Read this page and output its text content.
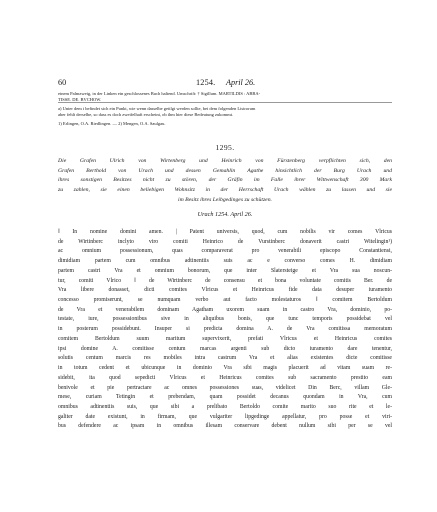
60	1254. April 26.
einem Palmzweig, in der Linken ein geschlossenes Buch haltend. Umschrift: † Sigillum. MARTILDIS : ABBA-
TISSE. DE. BVCHOW.
a) Unter dem i befindet sich ein Punkt, wie wenn dasselbe getilgt werden sollte, bei dem folgenden Listrorum
aber fehlt derselbe, so dass es doch zweifelhaft erscheint, ob ihm hier diese Bedeutung zukommt.
1) Erlingen, O.A. Riedlingen. — 2) Mengen, O.A. Saulgau.
1295.
Die Grafen Ulrich von Wirtenberg und Heinrich von Fürstenberg verpflichten sich, den
Grafen Berthold von Urach und dessen Gemahlin Agathe hinsichtlich der Burg Urach und
ihres sonstigen Besitzes nicht zu stören, der Gräfin im Falle ihrer Wittwenschaft 300 Mark
zu zahlen, sie einen beliebigen Wohnsitz in der Herrschaft Urach wählen zu lassen und sie
im Besitz ihres Leibgedinges zu schützen.
Urach 1254. April 26.
‖ In nomine domini amen. | Patent universis, quod, cum nobilis vir comes Vlricus
de Wirtinberc inclyto viro comiti Heinrico de Vurstinberc donaverit castri Witelingin¹)
ac omnium possessionum, quas comparaverat pro venerabili episcopo Constantiensi,
dimidiam partem cum omnibus adtinentiis suis ac e converso comes H. dimidiam
partem castri Vra et omnium bonorum, que inter Slatersteige et Vra sua noscun-
tur, comiti Vlrico ‖ de Wirtinberc de consensu et bona voluntate comitis Ber. de
Vra libere donasset, dicti comites Vlricus et Heinricus fide data desuper iuramento
concesso promiserunt, se numquam verbo aut facto molestaturos ‖ comitem Bertoldum
de Vra et venerabilem dominam Agatham uxorem suam in castro Vra, dominio, po-
testate, iure, possessionibus sive in aliquibus bonis, que tunc temporis possidebat vel
in posterum possidebunt. Insuper si predicta domina A. de Vra comitissa memoratum
comitem Bertoldum suum maritum supervixerit, prefati Vlricus et Heinricus comites
ipsi domine A. comitisse centum marcas argenti sub dicto iuramento dare tenentur,
solutis centum marcis res mobiles intra castrum Vra et alias existentes dicte comitisse
in totum cedent et ubicunque in dominio Vra sibi magis placuerit ad vitam suam re-
sidebit, ita quod sepedicti Vlricus et Heinricus comites sub sacramento prestito eam
benivole et pie pertractare ac omnes possessiones suas, videlicet Din Berc, villam Gle-
mese, curiam Tetingin et prebendam, quam possidet decanus quondam in Vra, cum
omnibus adtinentiis suis, que sibi a prelibato Bertoldo comite marito suo rite et le-
galiter date existunt, in firmam, que vulgariter lipgedinge appellatur, pro posse et viri-
bus defendere ac ipsam in omnibus illesam conservare debent nullum sibi per se vel
